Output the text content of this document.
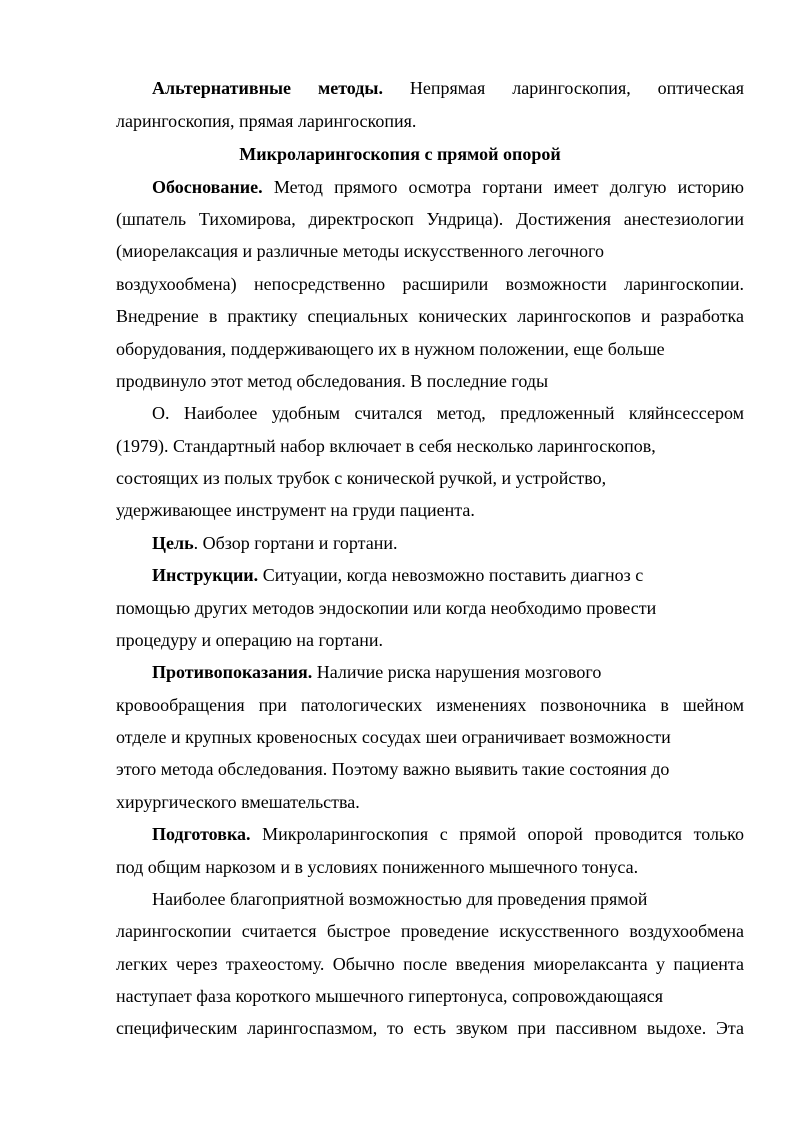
Альтернативные методы. Непрямая ларингоскопия, оптическая
ларингоскопия, прямая ларингоскопия.
Микроларингоскопия с прямой опорой
Обоснование. Метод прямого осмотра гортани имеет долгую историю
(шпатель Тихомирова, директроскоп Ундрица). Достижения анестезиологии
(миорелаксация и различные методы искусственного легочного
воздухообмена) непосредственно расширили возможности ларингоскопии.
Внедрение в практику специальных конических ларингоскопов и разработка
оборудования, поддерживающего их в нужном положении, еще больше
продвинуло этот метод обследования. В последние годы
О. Наиболее удобным считался метод, предложенный кляйнсессером
(1979). Стандартный набор включает в себя несколько ларингоскопов,
состоящих из полых трубок с конической ручкой, и устройство,
удерживающее инструмент на груди пациента.
Цель. Обзор гортани и гортани.
Инструкции. Ситуации, когда невозможно поставить диагноз с
помощью других методов эндоскопии или когда необходимо провести
процедуру и операцию на гортани.
Противопоказания. Наличие риска нарушения мозгового
кровообращения при патологических изменениях позвоночника в шейном
отделе и крупных кровеносных сосудах шеи ограничивает возможности
этого метода обследования. Поэтому важно выявить такие состояния до
хирургического вмешательства.
Подготовка. Микроларингоскопия с прямой опорой проводится только
под общим наркозом и в условиях пониженного мышечного тонуса.
Наиболее благоприятной возможностью для проведения прямой
ларингоскопии считается быстрое проведение искусственного воздухообмена
легких через трахеостому. Обычно после введения миорелаксанта у пациента
наступает фаза короткого мышечного гипертонуса, сопровождающаяся
специфическим ларингоспазмом, то есть звуком при пассивном выдохе. Эта
